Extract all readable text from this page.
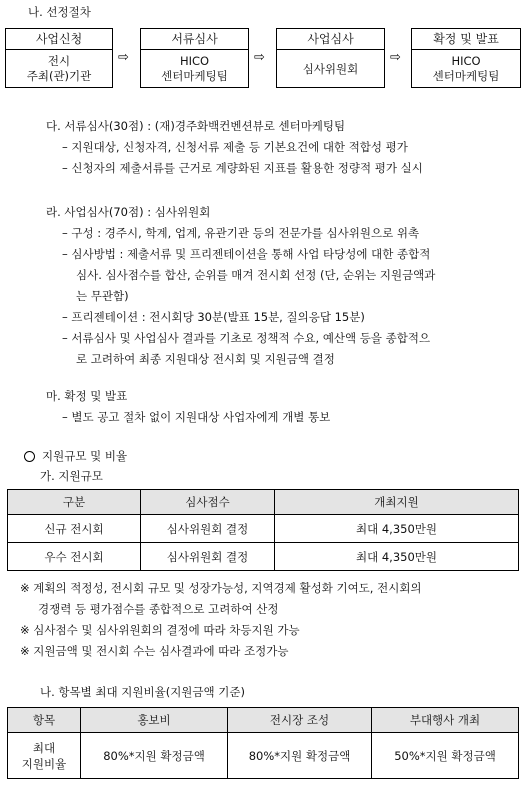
나. 선정절차
사업신청
전시
주최(관)기관
⇨
서류심사
HICO
센터마케팅팀
⇨
사업심사
심사위원회
⇨
확정 및 발표
HICO
센터마케팅팀
다. 서류심사(30점) : (재)경주화백컨벤션뷰로 센터마케팅팀
– 지원대상, 신청자격, 신청서류 제출 등 기본요건에 대한 적합성 평가
– 신청자의 제출서류를 근거로 계량화된 지표를 활용한 정량적 평가 실시
라. 사업심사(70점) : 심사위원회
– 구성 : 경주시, 학계, 업계, 유관기관 등의 전문가를 심사위원으로 위촉
– 심사방법 : 제출서류 및 프리젠테이션을 통해 사업 타당성에 대한 종합적
심사. 심사점수를 합산, 순위를 매겨 전시회 선정 (단, 순위는 지원금액과
는 무관함)
– 프리젠테이션 : 전시회당 30분(발표 15분, 질의응답 15분)
– 서류심사 및 사업심사 결과를 기초로 정책적 수요, 예산액 등을 종합적으
로 고려하여 최종 지원대상 전시회 및 지원금액 결정
마. 확정 및 발표
– 별도 공고 절차 없이 지원대상 사업자에게 개별 통보
지원규모 및 비율
가. 지원규모
구분	심사점수	개최지원
신규 전시회	심사위원회 결정	최대 4,350만원
우수 전시회	심사위원회 결정	최대 4,350만원
※ 계획의 적정성, 전시회 규모 및 성장가능성, 지역경제 활성화 기여도, 전시회의
경쟁력 등 평가점수를 종합적으로 고려하여 산정
※ 심사점수 및 심사위원회의 결정에 따라 차등지원 가능
※ 지원금액 및 전시회 수는 심사결과에 따라 조정가능
나. 항목별 최대 지원비율(지원금액 기준)
항목	홍보비	전시장 조성	부대행사 개최

최대
지원비율	80%*지원 확정금액	80%*지원 확정금액	50%*지원 확정금액
